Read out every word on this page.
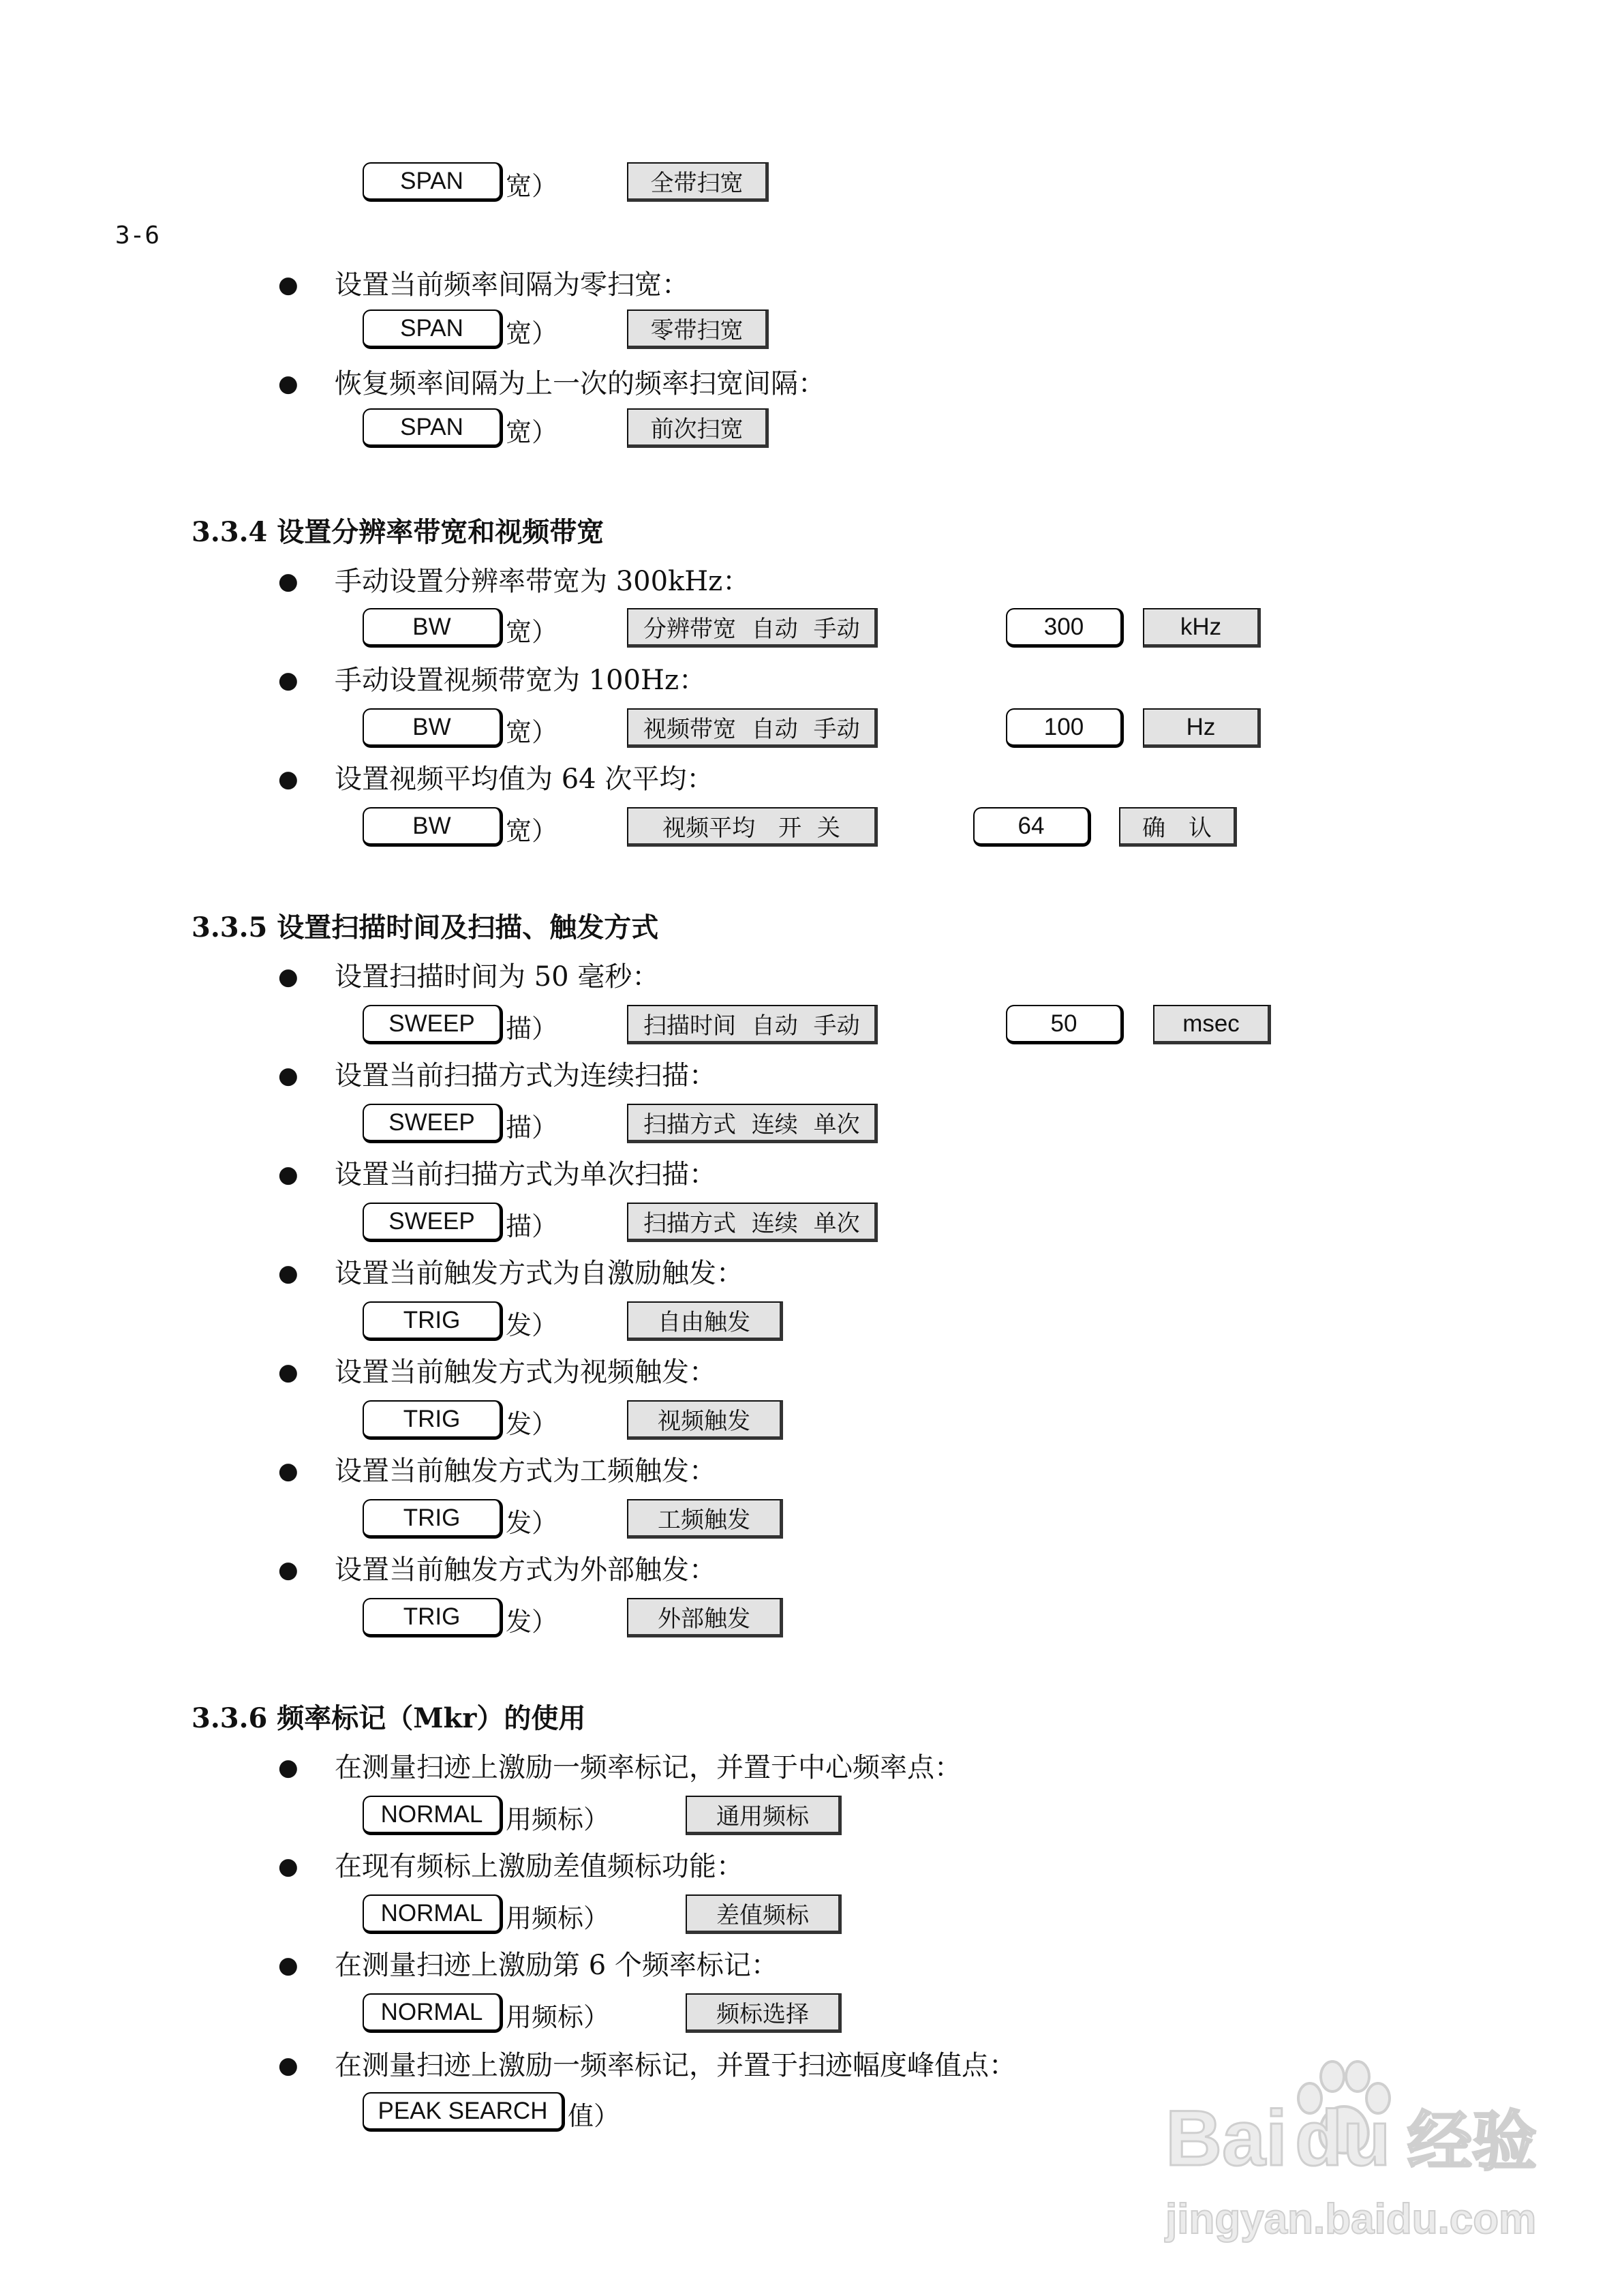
SPAN	宽）	全带扫宽
3-6
● 设置当前频率间隔为零扫宽：
SPAN	宽）	零带扫宽
● 恢复频率间隔为上一次的频率扫宽间隔：
SPAN	宽）	前次扫宽
3.3.4 设置分辨率带宽和视频带宽
● 手动设置分辨率带宽为 300kHz：
BW	宽）	分辨带宽 自动 手动	300	kHz
● 手动设置视频带宽为 100Hz：
BW	宽）	视频带宽 自动 手动	100	Hz
● 设置视频平均值为 64 次平均：
BW	宽）	视频平均　开 关	64	确　认
3.3.5 设置扫描时间及扫描、触发方式
● 设置扫描时间为 50 毫秒：
SWEEP	描）	扫描时间 自动 手动	50	msec
● 设置当前扫描方式为连续扫描：
SWEEP	描）	扫描方式 连续 单次
● 设置当前扫描方式为单次扫描：
SWEEP	描）	扫描方式 连续 单次
● 设置当前触发方式为自激励触发：
TRIG	发）	自由触发
● 设置当前触发方式为视频触发：
TRIG	发）	视频触发
● 设置当前触发方式为工频触发：
TRIG	发）	工频触发
● 设置当前触发方式为外部触发：
TRIG	发）	外部触发
3.3.6 频率标记（Mkr）的使用
● 在测量扫迹上激励一频率标记，并置于中心频率点：
NORMAL 用频标）	通用频标
● 在现有频标上激励差值频标功能：
NORMAL 用频标）	差值频标
● 在测量扫迹上激励第 6 个频率标记：
NORMAL 用频标）	频标选择
● 在测量扫迹上激励一频率标记，并置于扫迹幅度峰值点：
PEAK SEARCH 值）	Bai du 经验
jingyan.baidu.com
